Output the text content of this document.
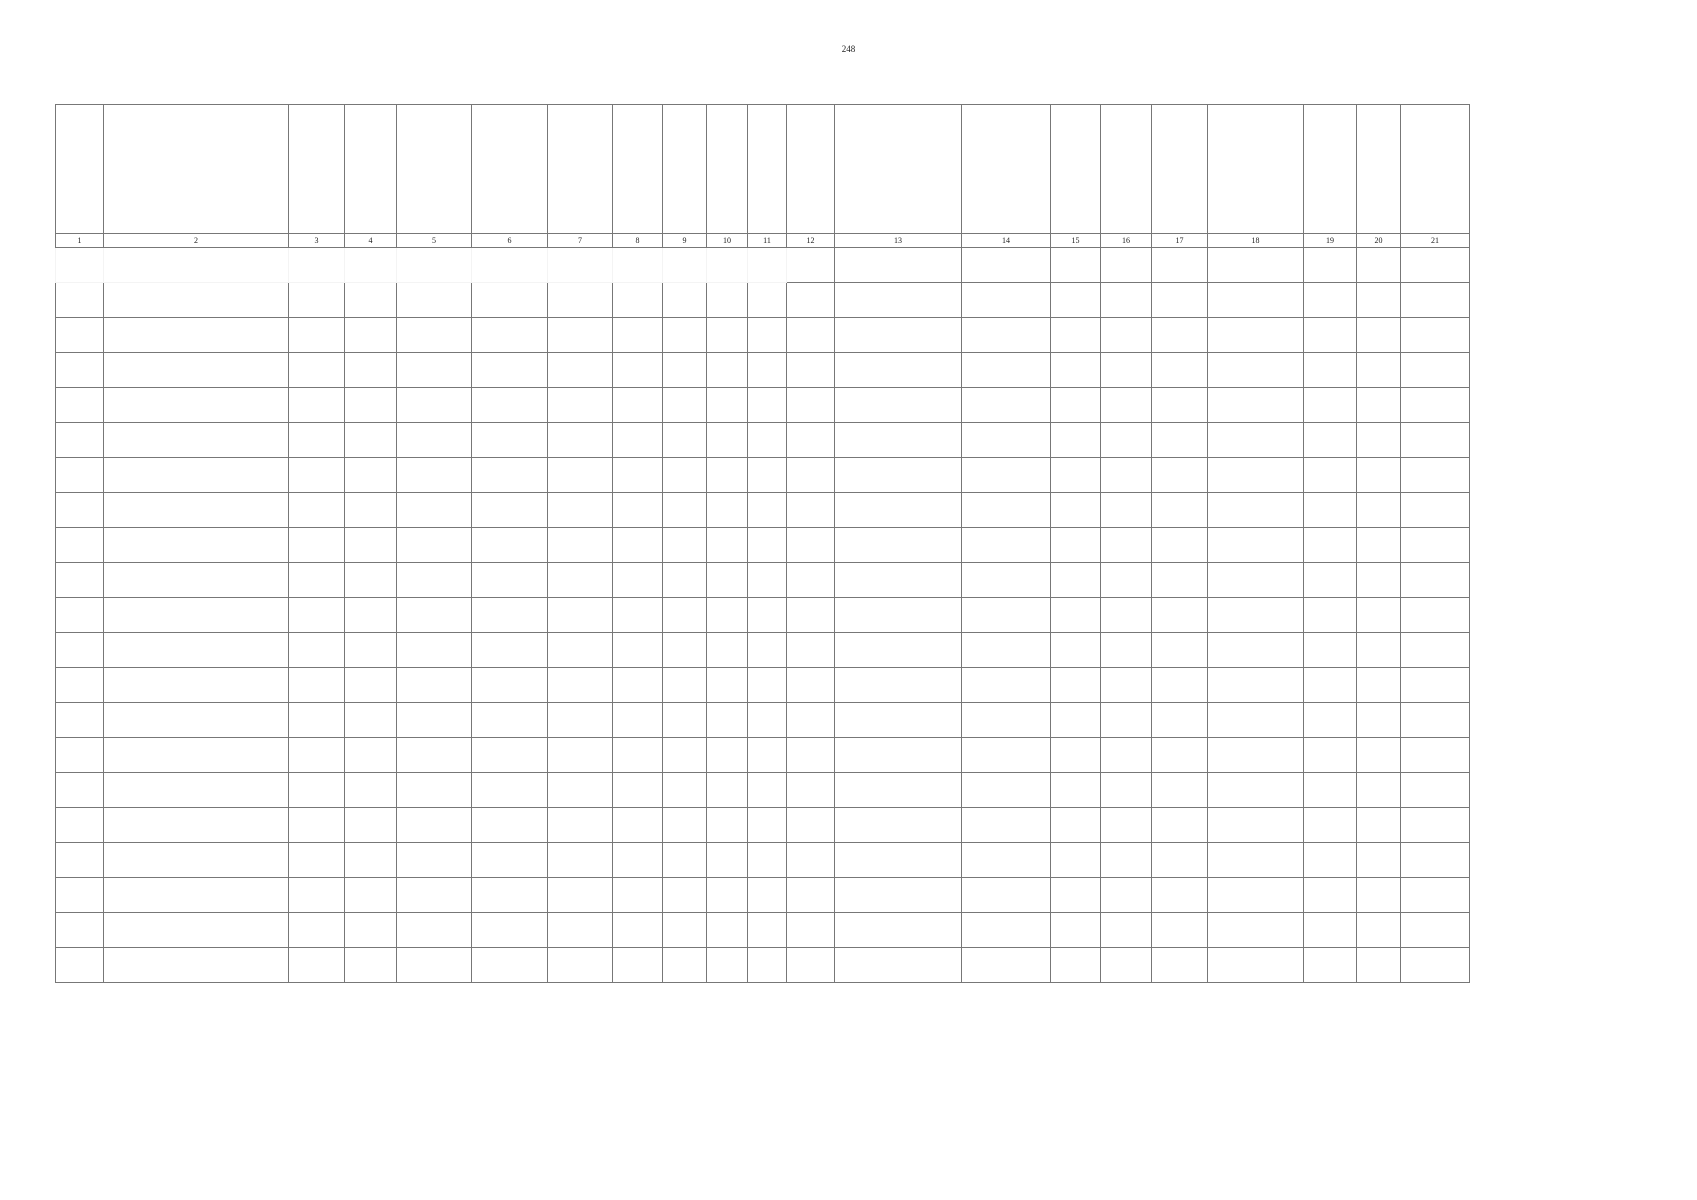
248

1	2	3	4	5	6	7	8	9	10	11	12	13	14	15	16	17	18	19	20	21
